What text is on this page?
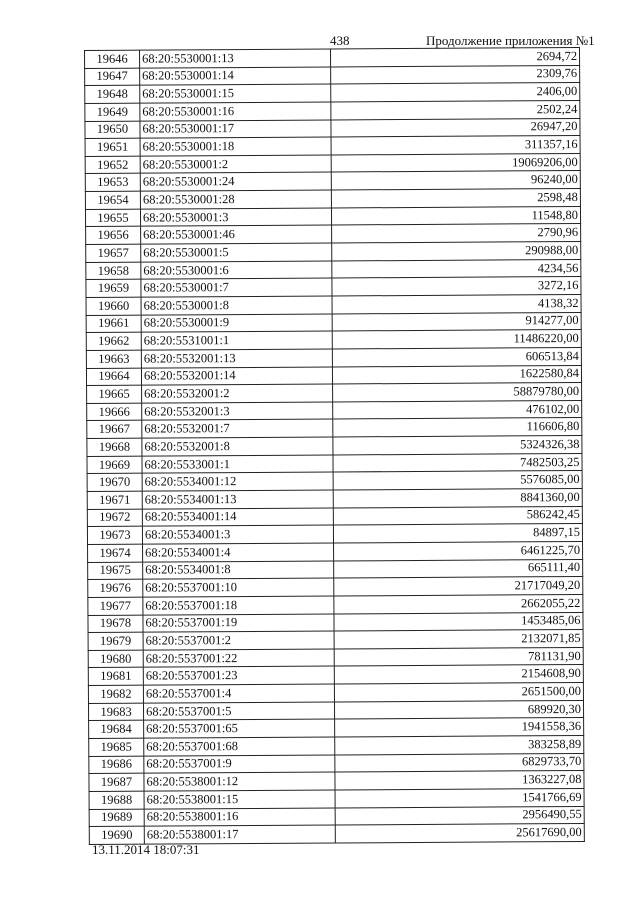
438	Продолжение приложения №1
19646	68:20:5530001:13	2694,72
19647	68:20:5530001:14	2309,76
19648	68:20:5530001:15	2406,00
19649	68:20:5530001:16	2502,24
19650	68:20:5530001:17	26947,20
19651	68:20:5530001:18	311357,16
19652	68:20:5530001:2	19069206,00
19653	68:20:5530001:24	96240,00
19654	68:20:5530001:28	2598,48
19655	68:20:5530001:3	11548,80
19656	68:20:5530001:46	2790,96
19657	68:20:5530001:5	290988,00
19658	68:20:5530001:6	4234,56
19659	68:20:5530001:7	3272,16
19660	68:20:5530001:8	4138,32
19661	68:20:5530001:9	914277,00
19662	68:20:5531001:1	11486220,00
19663	68:20:5532001:13	606513,84
19664	68:20:5532001:14	1622580,84
19665	68:20:5532001:2	58879780,00
19666	68:20:5532001:3	476102,00
19667	68:20:5532001:7	116606,80
19668	68:20:5532001:8	5324326,38
19669	68:20:5533001:1	7482503,25
19670	68:20:5534001:12	5576085,00
19671	68:20:5534001:13	8841360,00
19672	68:20:5534001:14	586242,45
19673	68:20:5534001:3	84897,15
19674	68:20:5534001:4	6461225,70
19675	68:20:5534001:8	665111,40
19676	68:20:5537001:10	21717049,20
19677	68:20:5537001:18	2662055,22
19678	68:20:5537001:19	1453485,06
19679	68:20:5537001:2	2132071,85
19680	68:20:5537001:22	781131,90
19681	68:20:5537001:23	2154608,90
19682	68:20:5537001:4	2651500,00
19683	68:20:5537001:5	689920,30
19684	68:20:5537001:65	1941558,36
19685	68:20:5537001:68	383258,89
19686	68:20:5537001:9	6829733,70
19687	68:20:5538001:12	1363227,08
19688	68:20:5538001:15	1541766,69
19689	68:20:5538001:16	2956490,55
19690	68:20:5538001:17	25617690,00
13.11.2014 18:07:31
